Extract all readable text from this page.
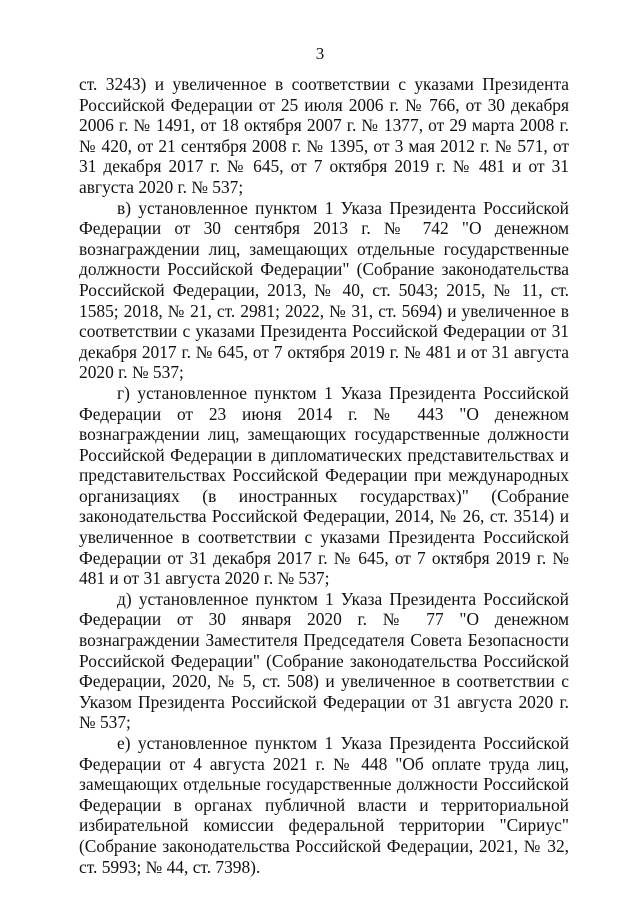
3

ст. 3243) и увеличенное в соответствии с указами Президента Российской Федерации от 25 июля 2006 г. № 766, от 30 декабря 2006 г. № 1491, от 18 октября 2007 г. № 1377, от 29 марта 2008 г. № 420, от 21 сентября 2008 г. № 1395, от 3 мая 2012 г. № 571, от 31 декабря 2017 г. № 645, от 7 октября 2019 г. № 481 и от 31 августа 2020 г. № 537;

в) установленное пунктом 1 Указа Президента Российской Федерации от 30 сентября 2013 г. № 742 "О денежном вознаграждении лиц, замещающих отдельные государственные должности Российской Федерации" (Собрание законодательства Российской Федерации, 2013, № 40, ст. 5043; 2015, № 11, ст. 1585; 2018, № 21, ст. 2981; 2022, № 31, ст. 5694) и увеличенное в соответствии с указами Президента Российской Федерации от 31 декабря 2017 г. № 645, от 7 октября 2019 г. № 481 и от 31 августа 2020 г. № 537;

г) установленное пунктом 1 Указа Президента Российской Федерации от 23 июня 2014 г. № 443 "О денежном вознаграждении лиц, замещающих государственные должности Российской Федерации в дипломатических представительствах и представительствах Российской Федерации при международных организациях (в иностранных государствах)" (Собрание законодательства Российской Федерации, 2014, № 26, ст. 3514) и увеличенное в соответствии с указами Президента Российской Федерации от 31 декабря 2017 г. № 645, от 7 октября 2019 г. № 481 и от 31 августа 2020 г. № 537;

д) установленное пунктом 1 Указа Президента Российской Федерации от 30 января 2020 г. № 77 "О денежном вознаграждении Заместителя Председателя Совета Безопасности Российской Федерации" (Собрание законодательства Российской Федерации, 2020, № 5, ст. 508) и увеличенное в соответствии с Указом Президента Российской Федерации от 31 августа 2020 г. № 537;

е) установленное пунктом 1 Указа Президента Российской Федерации от 4 августа 2021 г. № 448 "Об оплате труда лиц, замещающих отдельные государственные должности Российской Федерации в органах публичной власти и территориальной избирательной комиссии федеральной территории "Сириус" (Собрание законодательства Российской Федерации, 2021, № 32, ст. 5993; № 44, ст. 7398).
